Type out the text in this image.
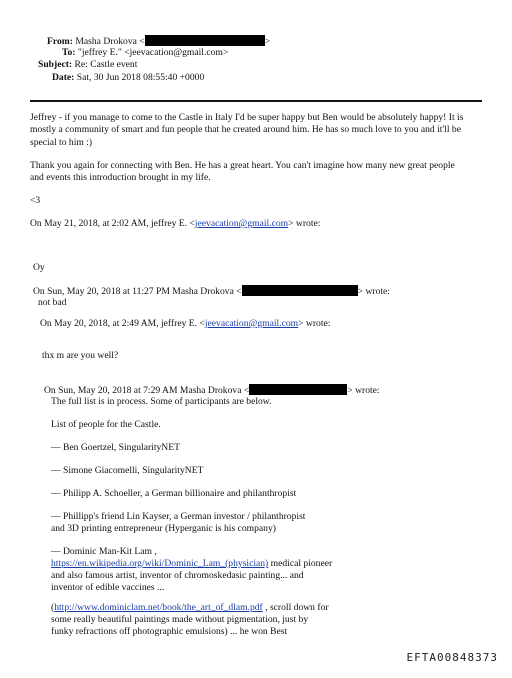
From: Masha Drokova <	>
To: "jeffrey E." <jeevacation@gmail.com>
Subject: Re: Castle event
Date: Sat, 30 Jun 2018 08:55:40 +0000
Jeffrey - if you manage to come to the Castle in Italy I'd be super happy but Ben would be absolutely happy! It is
mostly a community of smart and fun people that he created around him. He has so much love to you and it'll be
special to him :)
Thank you again for connecting with Ben. He has a great heart. You can't imagine how many new great people
and events this introduction brought in my life.
<3
On May 21, 2018, at 2:02 AM, jeffrey E. <jeevacation@gmail.com> wrote:
Oy
On Sun, May 20, 2018 at 11:27 PM Masha Drokova <	> wrote:
not bad
On May 20, 2018, at 2:49 AM, jeffrey E. <jeevacation@gmail.com> wrote:
thx m are you well?
On Sun, May 20, 2018 at 7:29 AM Masha Drokova <	> wrote:
The full list is in process. Some of participants are below.
List of people for the Castle.
— Ben Goertzel, SingularityNET
— Simone Giacomelli, SingularityNET
— Philipp A. Schoeller, a German billionaire and philanthropist
— Phillipp's friend Lin Kayser, a German investor / philanthropist
and 3D printing entrepreneur (Hyperganic is his company)
— Dominic Man-Kit Lam ,
https://en.wikipedia.org/wiki/Dominic_Lam_(physician) medical pioneer
and also famous artist, inventor of chromoskedasic painting... and
inventor of edible vaccines ...
(http://www.dominiclam.net/book/the_art_of_dlam.pdf , scroll down for
some really beautiful paintings made without pigmentation, just by
funky refractions off photographic emulsions) ... he won Best
EFTA00848373
